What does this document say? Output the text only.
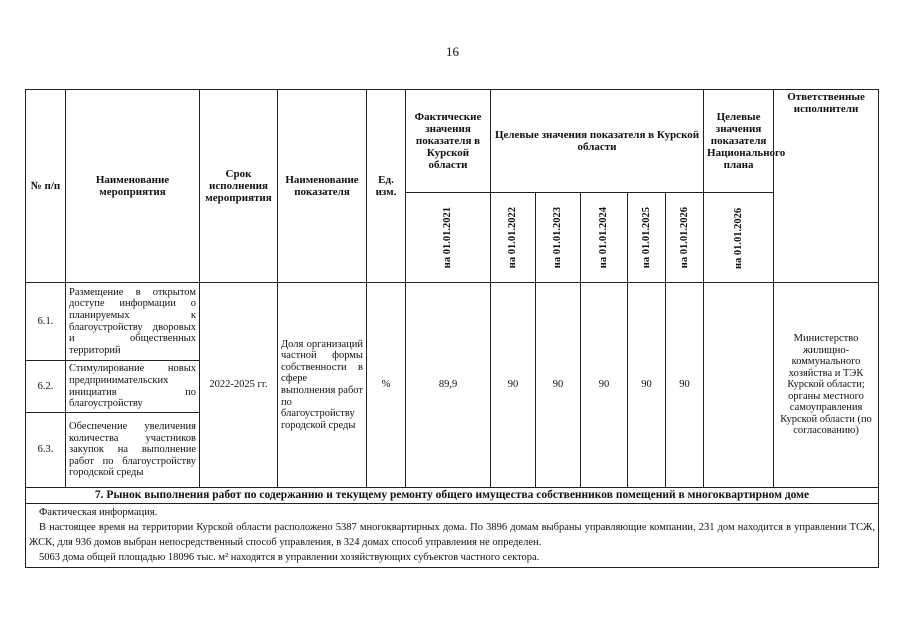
16
№ п/п	Наименование мероприятия	Срок исполнения мероприятия	Наименование показателя	Ед. изм.	Фактические значения показателя в Курской области	Целевые значения показателя в Курской области					Целевые значения показателя Национального плана	Ответственные исполнители

					на 01.01.2021	на 01.01.2022	на 01.01.2023	на 01.01.2024	на 01.01.2025	на 01.01.2026	на 01.01.2026	

6.1.	Размещение в открытом доступе информации о планируемых к благоустройству дворовых и общественных территорий	2022-2025 гг.	Доля организаций частной формы собственности в сфере выполнения работ по благоустройству городской среды	%	89,9	90	90	90	90	90		Министерство жилищно-коммунального хозяйства и ТЭК Курской области; органы местного самоуправления Курской области (по согласованию)
6.2.	Стимулирование новых предпринимательских инициатив по благоустройству											
6.3.	Обеспечение увеличения количества участников закупок на выполнение работ по благоустройству городской среды											
7. Рынок выполнения работ по содержанию и текущему ремонту общего имущества собственников помещений в многоквартирном доме												

Фактическая информация.

В настоящее время на территории Курской области расположено 5387 многоквартирных дома. По 3896 домам выбраны управляющие компании, 231 дом находится в управлении ТСЖ, ЖСК, для 936 домов выбран непосредственный способ управления, в 324 домах способ управления не определен.

5063 дома общей площадью 18096 тыс. м² находятся в управлении хозяйствующих субъектов частного сектора.												
